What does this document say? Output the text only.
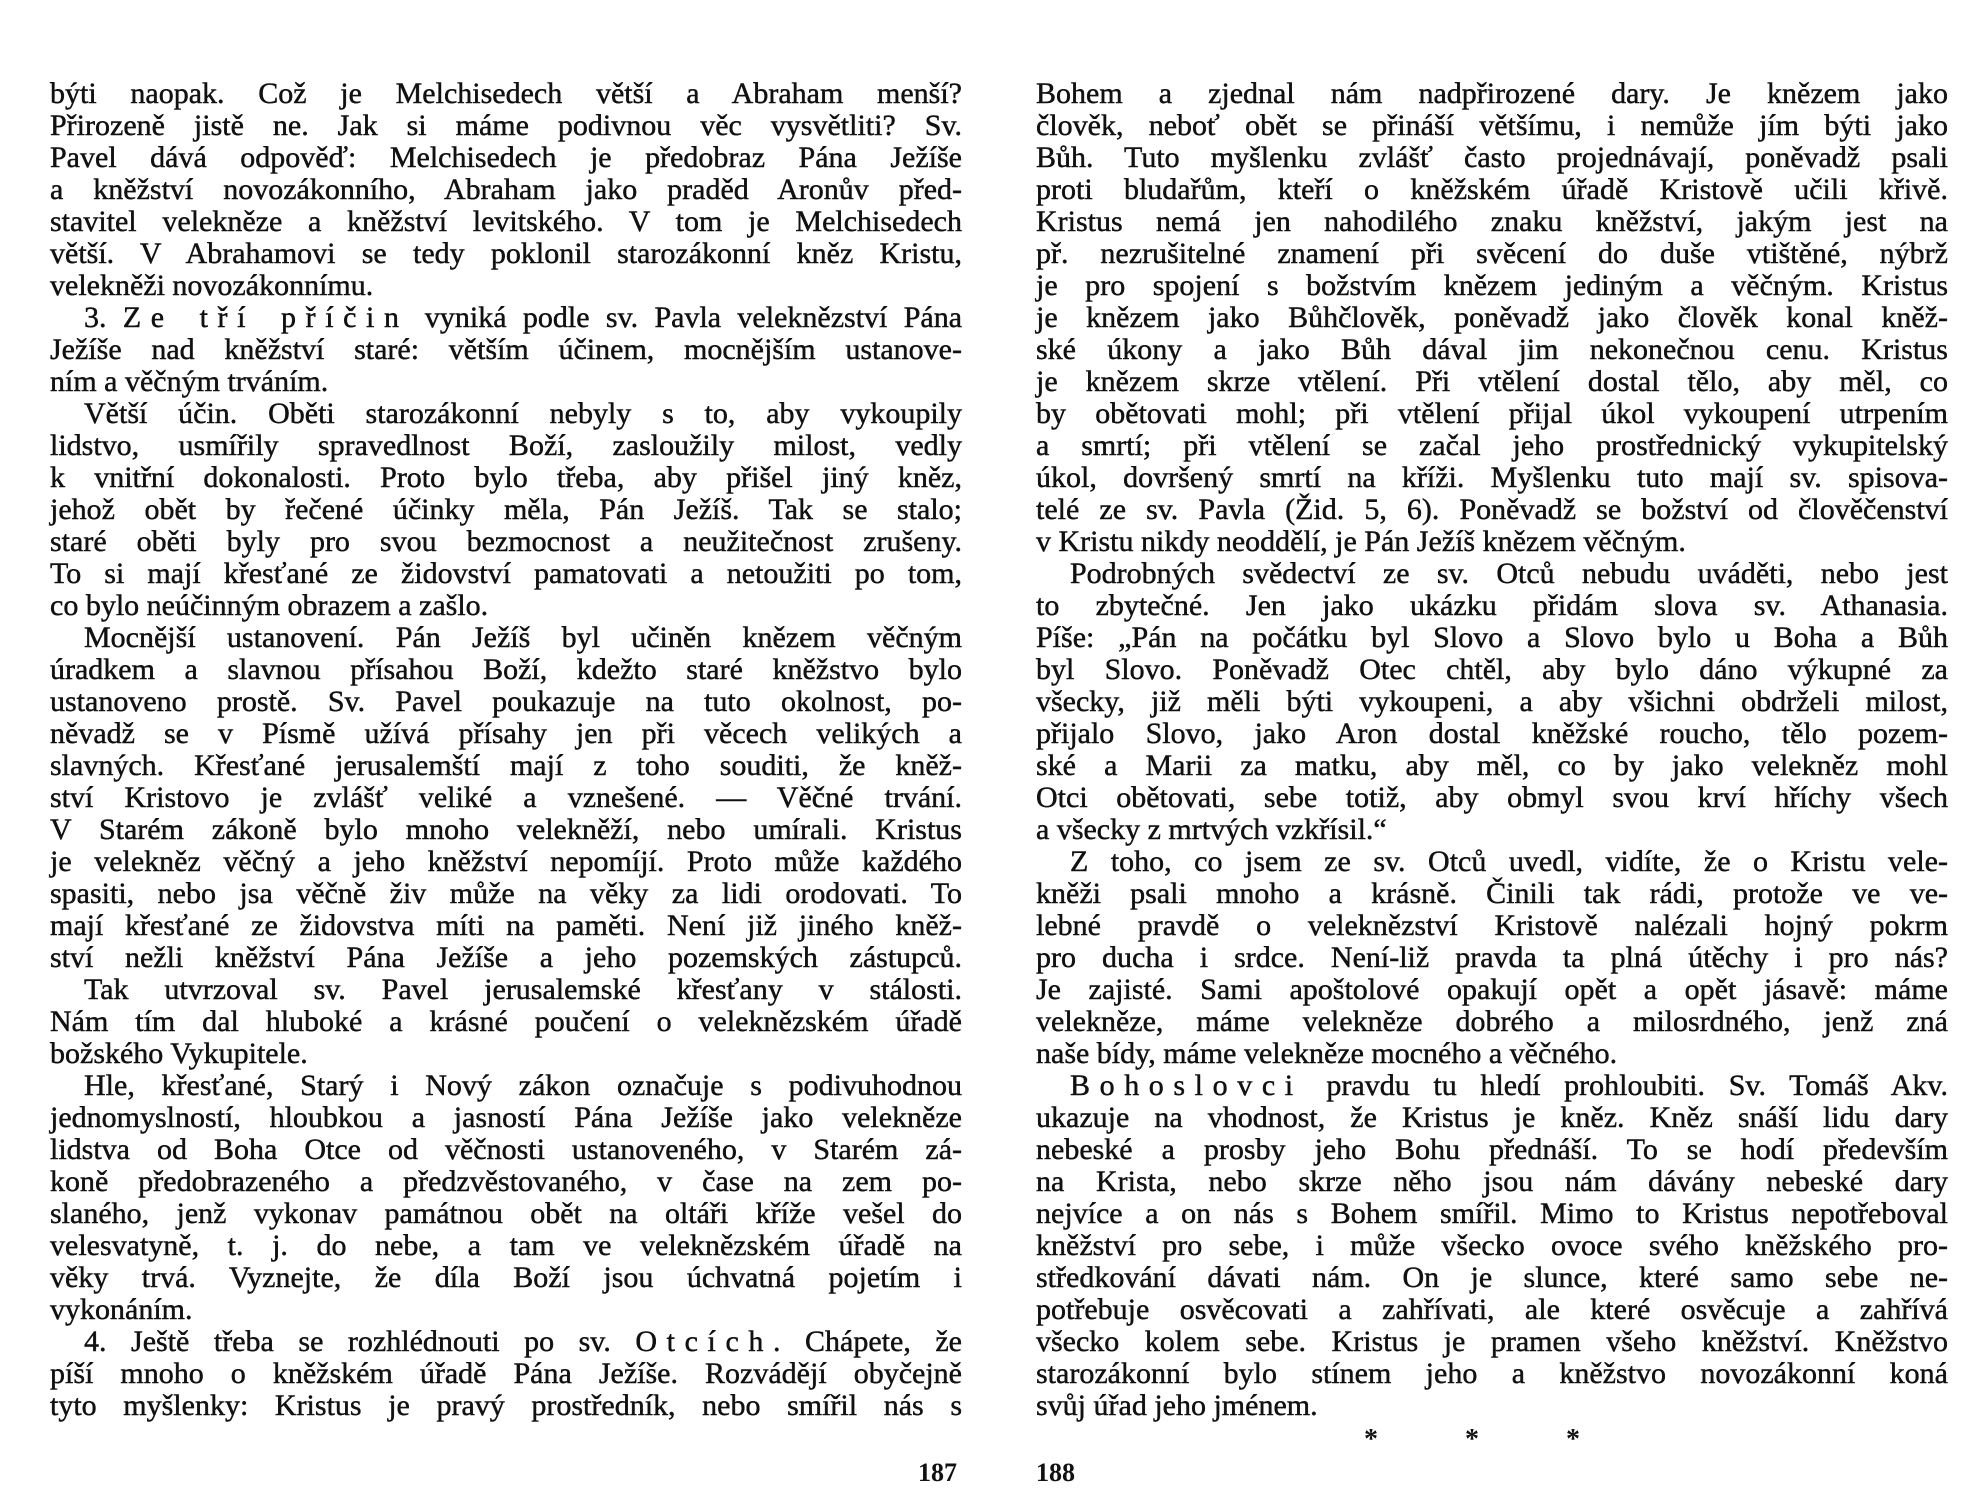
býti naopak. Což je Melchisedech větší a Abraham menší?
Přirozeně jistě ne. Jak si máme podivnou věc vysvětliti? Sv.
Pavel dává odpověď: Melchisedech je předobraz Pána Ježíše
a kněžství novozákonního, Abraham jako praděd Aronův před-
stavitel velekněze a kněžství levitského. V tom je Melchisedech
větší. V Abrahamovi se tedy poklonil starozákonní kněz Kristu,
velekněži novozákonnímu.
3. Ze tří příčin vyniká podle sv. Pavla veleknězství Pána
Ježíše nad kněžství staré: větším účinem, mocnějším ustanove-
ním a věčným trváním.
Větší účin. Oběti starozákonní nebyly s to, aby vykoupily
lidstvo, usmířily spravedlnost Boží, zasloužily milost, vedly
k vnitřní dokonalosti. Proto bylo třeba, aby přišel jiný kněz,
jehož obět by řečené účinky měla, Pán Ježíš. Tak se stalo;
staré oběti byly pro svou bezmocnost a neužitečnost zrušeny.
To si mají křesťané ze židovství pamatovati a netoužiti po tom,
co bylo neúčinným obrazem a zašlo.
Mocnější ustanovení. Pán Ježíš byl učiněn knězem věčným
úradkem a slavnou přísahou Boží, kdežto staré kněžstvo bylo
ustanoveno prostě. Sv. Pavel poukazuje na tuto okolnost, po-
něvadž se v Písmě užívá přísahy jen při věcech velikých a
slavných. Křesťané jerusalemští mají z toho souditi, že kněž-
ství Kristovo je zvlášť veliké a vznešené. — Věčné trvání.
V Starém zákoně bylo mnoho velekněží, nebo umírali. Kristus
je velekněz věčný a jeho kněžství nepomíjí. Proto může každého
spasiti, nebo jsa věčně živ může na věky za lidi orodovati. To
mají křesťané ze židovstva míti na paměti. Není již jiného kněž-
ství nežli kněžství Pána Ježíše a jeho pozemských zástupců.
Tak utvrzoval sv. Pavel jerusalemské křesťany v stálosti.
Nám tím dal hluboké a krásné poučení o veleknězském úřadě
božského Vykupitele.
Hle, křesťané, Starý i Nový zákon označuje s podivuhodnou
jednomyslností, hloubkou a jasností Pána Ježíše jako velekněze
lidstva od Boha Otce od věčnosti ustanoveného, v Starém zá-
koně předobrazeného a předzvěstovaného, v čase na zem po-
slaného, jenž vykonav památnou obět na oltáři kříže vešel do
velesvatyně, t. j. do nebe, a tam ve veleknězském úřadě na
věky trvá. Vyznejte, že díla Boží jsou úchvatná pojetím i
vykonáním.
4. Ještě třeba se rozhlédnouti po sv. Otcích. Chápete, že
píší mnoho o kněžském úřadě Pána Ježíše. Rozvádějí obyčejně
tyto myšlenky: Kristus je pravý prostředník, nebo smířil nás s
Bohem a zjednal nám nadpřirozené dary. Je knězem jako
člověk, neboť obět se přináší většímu, i nemůže jím býti jako
Bůh. Tuto myšlenku zvlášť často projednávají, poněvadž psali
proti bludařům, kteří o kněžském úřadě Kristově učili křivě.
Kristus nemá jen nahodilého znaku kněžství, jakým jest na
př. nezrušitelné znamení při svěcení do duše vtištěné, nýbrž
je pro spojení s božstvím knězem jediným a věčným. Kristus
je knězem jako Bůhčlověk, poněvadž jako člověk konal kněž-
ské úkony a jako Bůh dával jim nekonečnou cenu. Kristus
je knězem skrze vtělení. Při vtělení dostal tělo, aby měl, co
by obětovati mohl; při vtělení přijal úkol vykoupení utrpením
a smrtí; při vtělení se začal jeho prostřednický vykupitelský
úkol, dovršený smrtí na kříži. Myšlenku tuto mají sv. spisova-
telé ze sv. Pavla (Žid. 5, 6). Poněvadž se božství od člověčenství
v Kristu nikdy neoddělí, je Pán Ježíš knězem věčným.
Podrobných svědectví ze sv. Otců nebudu uváděti, nebo jest
to zbytečné. Jen jako ukázku přidám slova sv. Athanasia.
Píše: „Pán na počátku byl Slovo a Slovo bylo u Boha a Bůh
byl Slovo. Poněvadž Otec chtěl, aby bylo dáno výkupné za
všecky, již měli býti vykoupeni, a aby všichni obdrželi milost,
přijalo Slovo, jako Aron dostal kněžské roucho, tělo pozem-
ské a Marii za matku, aby měl, co by jako velekněz mohl
Otci obětovati, sebe totiž, aby obmyl svou krví hříchy všech
a všecky z mrtvých vzkřísil.“
Z toho, co jsem ze sv. Otců uvedl, vidíte, že o Kristu vele-
kněži psali mnoho a krásně. Činili tak rádi, protože ve ve-
lebné pravdě o veleknězství Kristově nalézali hojný pokrm
pro ducha i srdce. Není-liž pravda ta plná útěchy i pro nás?
Je zajisté. Sami apoštolové opakují opět a opět jásavě: máme
velekněze, máme velekněze dobrého a milosrdného, jenž zná
naše bídy, máme velekněze mocného a věčného.
Bohoslovci pravdu tu hledí prohloubiti. Sv. Tomáš Akv.
ukazuje na vhodnost, že Kristus je kněz. Kněz snáší lidu dary
nebeské a prosby jeho Bohu přednáší. To se hodí především
na Krista, nebo skrze něho jsou nám dávány nebeské dary
nejvíce a on nás s Bohem smířil. Mimo to Kristus nepotřeboval
kněžství pro sebe, i může všecko ovoce svého kněžského pro-
středkování dávati nám. On je slunce, které samo sebe ne-
potřebuje osvěcovati a zahřívati, ale které osvěcuje a zahřívá
všecko kolem sebe. Kristus je pramen všeho kněžství. Kněžstvo
starozákonní bylo stínem jeho a kněžstvo novozákonní koná
svůj úřad jeho jménem.
* * *
187	188
